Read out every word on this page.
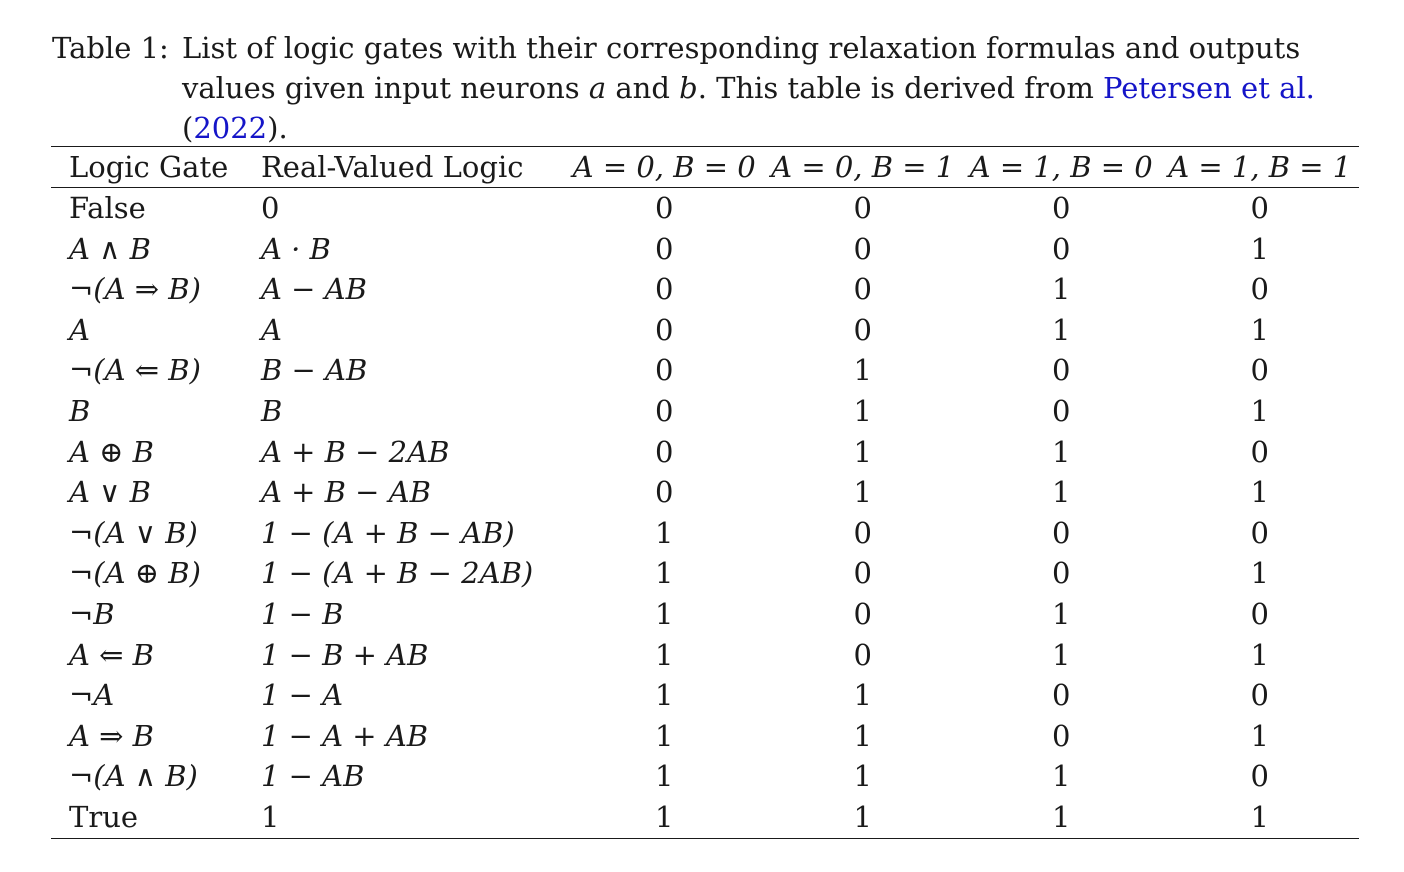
Table 1: List of logic gates with their corresponding relaxation formulas and outputs values given input neurons a and b. This table is derived from Petersen et al. (2022).
Logic Gate	Real-Valued Logic	A = 0, B = 0	A = 0, B = 1	A = 1, B = 0	A = 1, B = 1
False	0	0	0	0	0
A ∧ B	A · B	0	0	0	1
¬(A ⇒ B)	A − AB	0	0	1	0
A	A	0	0	1	1
¬(A ⇐ B)	B − AB	0	1	0	0
B	B	0	1	0	1
A ⊕ B	A + B − 2AB	0	1	1	0
A ∨ B	A + B − AB	0	1	1	1
¬(A ∨ B)	1 − (A + B − AB)	1	0	0	0
¬(A ⊕ B)	1 − (A + B − 2AB)	1	0	0	1
¬B	1 − B	1	0	1	0
A ⇐ B	1 − B + AB	1	0	1	1
¬A	1 − A	1	1	0	0
A ⇒ B	1 − A + AB	1	1	0	1
¬(A ∧ B)	1 − AB	1	1	1	0
True	1	1	1	1	1
